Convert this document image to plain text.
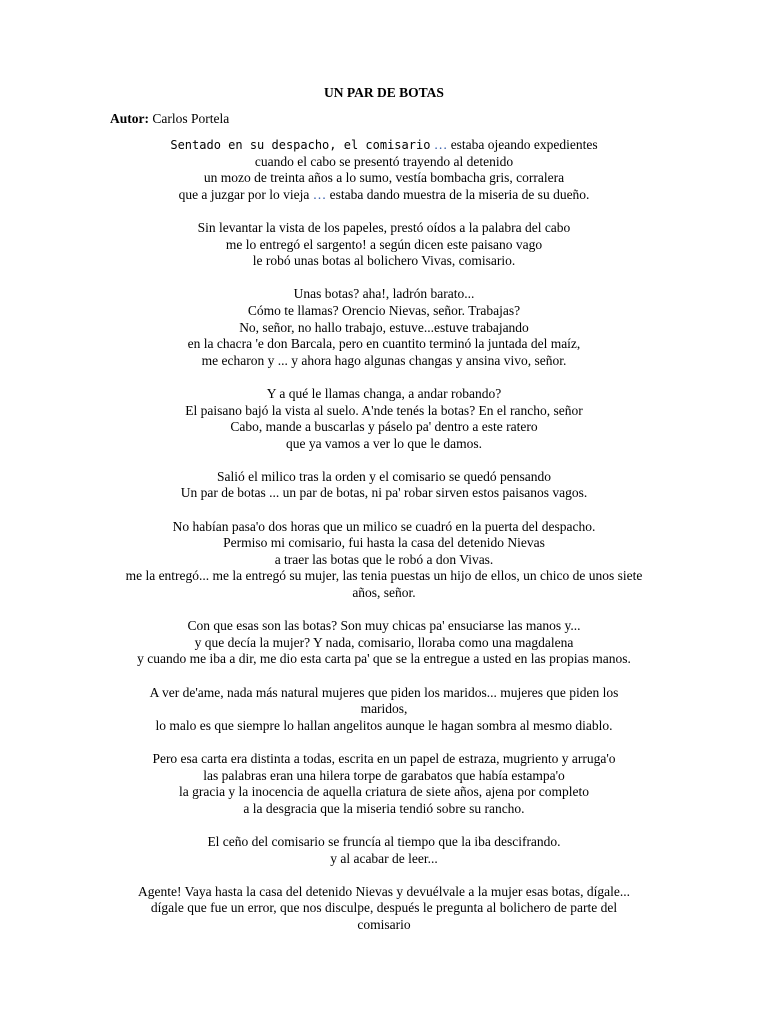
UN PAR DE BOTAS
Autor: Carlos Portela
Sentado en su despacho, el comisario … estaba ojeando expedientes
cuando el cabo se presentó trayendo al detenido
un mozo de treinta años a lo sumo, vestía bombacha gris, corralera
que a juzgar por lo vieja … estaba dando muestra de la miseria de su dueño.
Sin levantar la vista de los papeles, prestó oídos a la palabra del cabo
me lo entregó el sargento! a según dicen este paisano vago
le robó unas botas al bolichero Vivas, comisario.
Unas botas? aha!, ladrón barato...
Cómo te llamas? Orencio Nievas, señor. Trabajas?
No, señor, no hallo trabajo, estuve...estuve trabajando
en la chacra 'e don Barcala, pero en cuantito terminó la juntada del maíz,
me echaron y ... y ahora hago algunas changas y ansina vivo, señor.
Y a qué le llamas changa, a andar robando?
El paisano bajó la vista al suelo. A'nde tenés la botas? En el rancho, señor
Cabo, mande a buscarlas y páselo pa' dentro a este ratero
que ya vamos a ver lo que le damos.
Salió el milico tras la orden y el comisario se quedó pensando
Un par de botas ... un par de botas, ni pa' robar sirven estos paisanos vagos.
No habían pasa'o dos horas que un milico se cuadró en la puerta del despacho.
Permiso mi comisario, fui hasta la casa del detenido Nievas
a traer las botas que le robó a don Vivas.
me la entregó... me la entregó su mujer, las tenia puestas un hijo de ellos, un chico de unos siete
años, señor.
Con que esas son las botas? Son muy chicas pa' ensuciarse las manos y...
y que decía la mujer? Y nada, comisario, lloraba como una magdalena
y cuando me iba a dir, me dio esta carta pa' que se la entregue a usted en las propias manos.
A ver de'ame, nada más natural mujeres que piden los maridos... mujeres que piden los
maridos,
lo malo es que siempre lo hallan angelitos aunque le hagan sombra al mesmo diablo.
Pero esa carta era distinta a todas, escrita en un papel de estraza, mugriento y arruga'o
las palabras eran una hilera torpe de garabatos que había estampa'o
la gracia y la inocencia de aquella criatura de siete años, ajena por completo
a la desgracia que la miseria tendió sobre su rancho.
El ceño del comisario se fruncía al tiempo que la iba descifrando.
y al acabar de leer...
Agente! Vaya hasta la casa del detenido Nievas y devuélvale a la mujer esas botas, dígale...
dígale que fue un error, que nos disculpe, después le pregunta al bolichero de parte del
comisario
